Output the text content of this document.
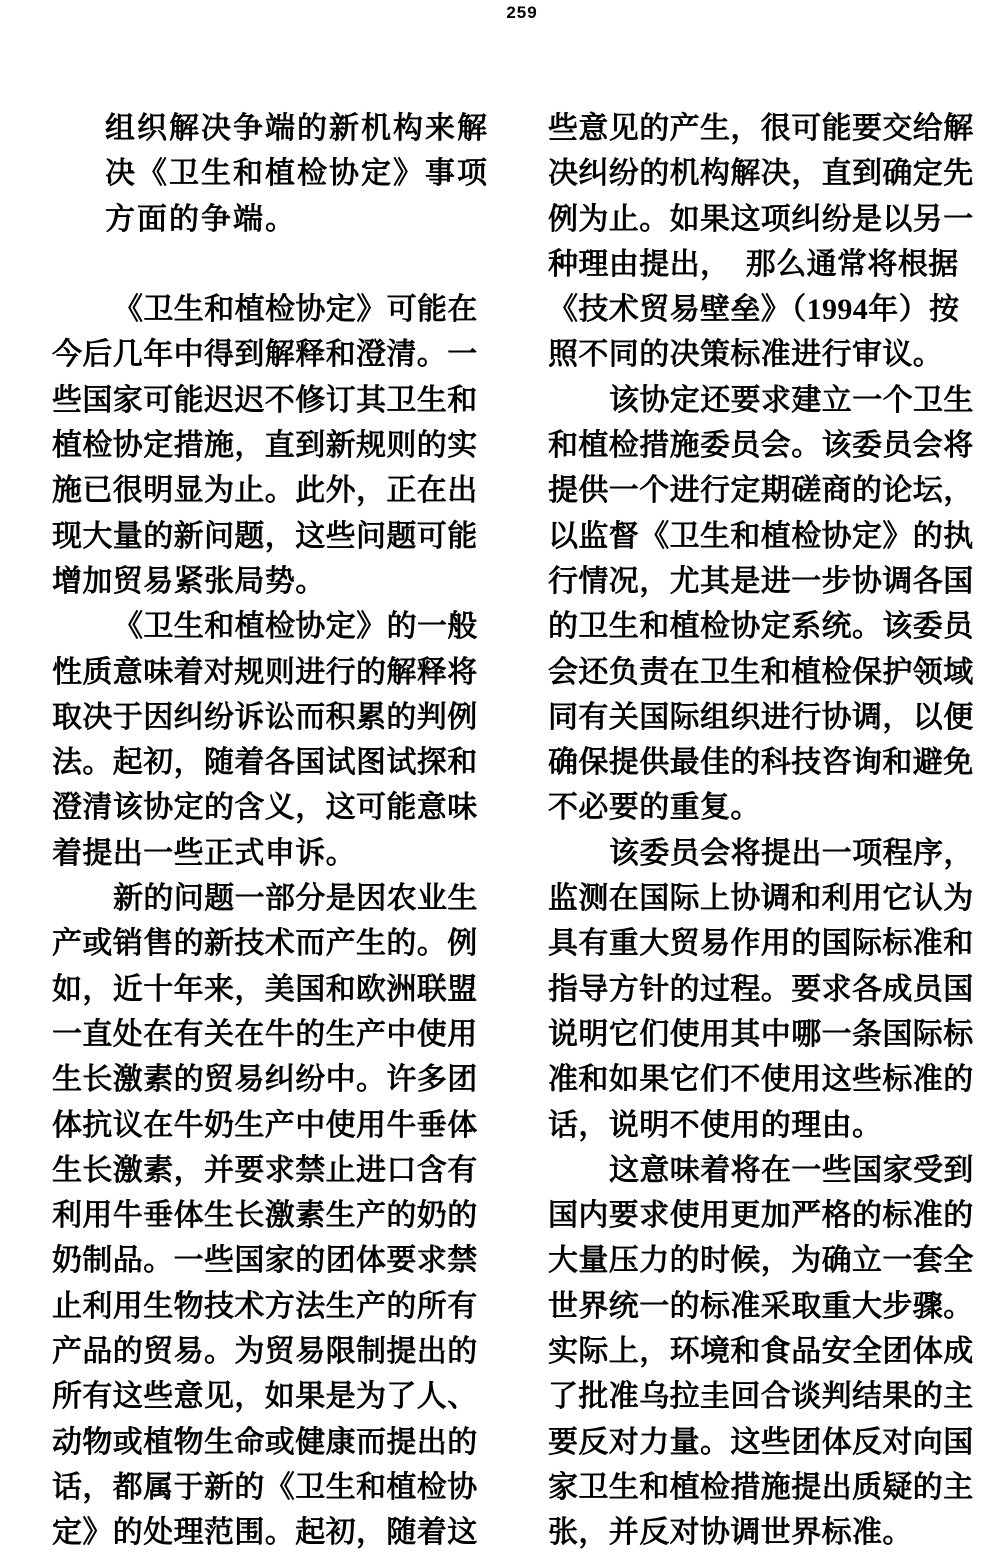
259
组织解决争端的新机构来解
决《卫生和植检协定》事项
方面的争端。
《卫生和植检协定》可能在
今后几年中得到解释和澄清。一
些国家可能迟迟不修订其卫生和
植检协定措施，直到新规则的实
施已很明显为止。此外，正在出
现大量的新问题，这些问题可能
增加贸易紧张局势。
《卫生和植检协定》的一般
性质意味着对规则进行的解释将
取决于因纠纷诉讼而积累的判例
法。起初，随着各国试图试探和
澄清该协定的含义，这可能意味
着提出一些正式申诉。
新的问题一部分是因农业生
产或销售的新技术而产生的。例
如，近十年来，美国和欧洲联盟
一直处在有关在牛的生产中使用
生长激素的贸易纠纷中。许多团
体抗议在牛奶生产中使用牛垂体
生长激素，并要求禁止进口含有
利用牛垂体生长激素生产的奶的
奶制品。一些国家的团体要求禁
止利用生物技术方法生产的所有
产品的贸易。为贸易限制提出的
所有这些意见，如果是为了人、
动物或植物生命或健康而提出的
话，都属于新的《卫生和植检协
定》的处理范围。起初，随着这
些意见的产生，很可能要交给解
决纠纷的机构解决，直到确定先
例为止。如果这项纠纷是以另一
种理由提出，　那么通常将根据
《技术贸易壁垒》（1994年）按
照不同的决策标准进行审议。
该协定还要求建立一个卫生
和植检措施委员会。该委员会将
提供一个进行定期磋商的论坛，
以监督《卫生和植检协定》的执
行情况，尤其是进一步协调各国
的卫生和植检协定系统。该委员
会还负责在卫生和植检保护领域
同有关国际组织进行协调，以便
确保提供最佳的科技咨询和避免
不必要的重复。
该委员会将提出一项程序，
监测在国际上协调和利用它认为
具有重大贸易作用的国际标准和
指导方针的过程。要求各成员国
说明它们使用其中哪一条国际标
准和如果它们不使用这些标准的
话，说明不使用的理由。
这意味着将在一些国家受到
国内要求使用更加严格的标准的
大量压力的时候，为确立一套全
世界统一的标准采取重大步骤。
实际上，环境和食品安全团体成
了批准乌拉圭回合谈判结果的主
要反对力量。这些团体反对向国
家卫生和植检措施提出质疑的主
张，并反对协调世界标准。
